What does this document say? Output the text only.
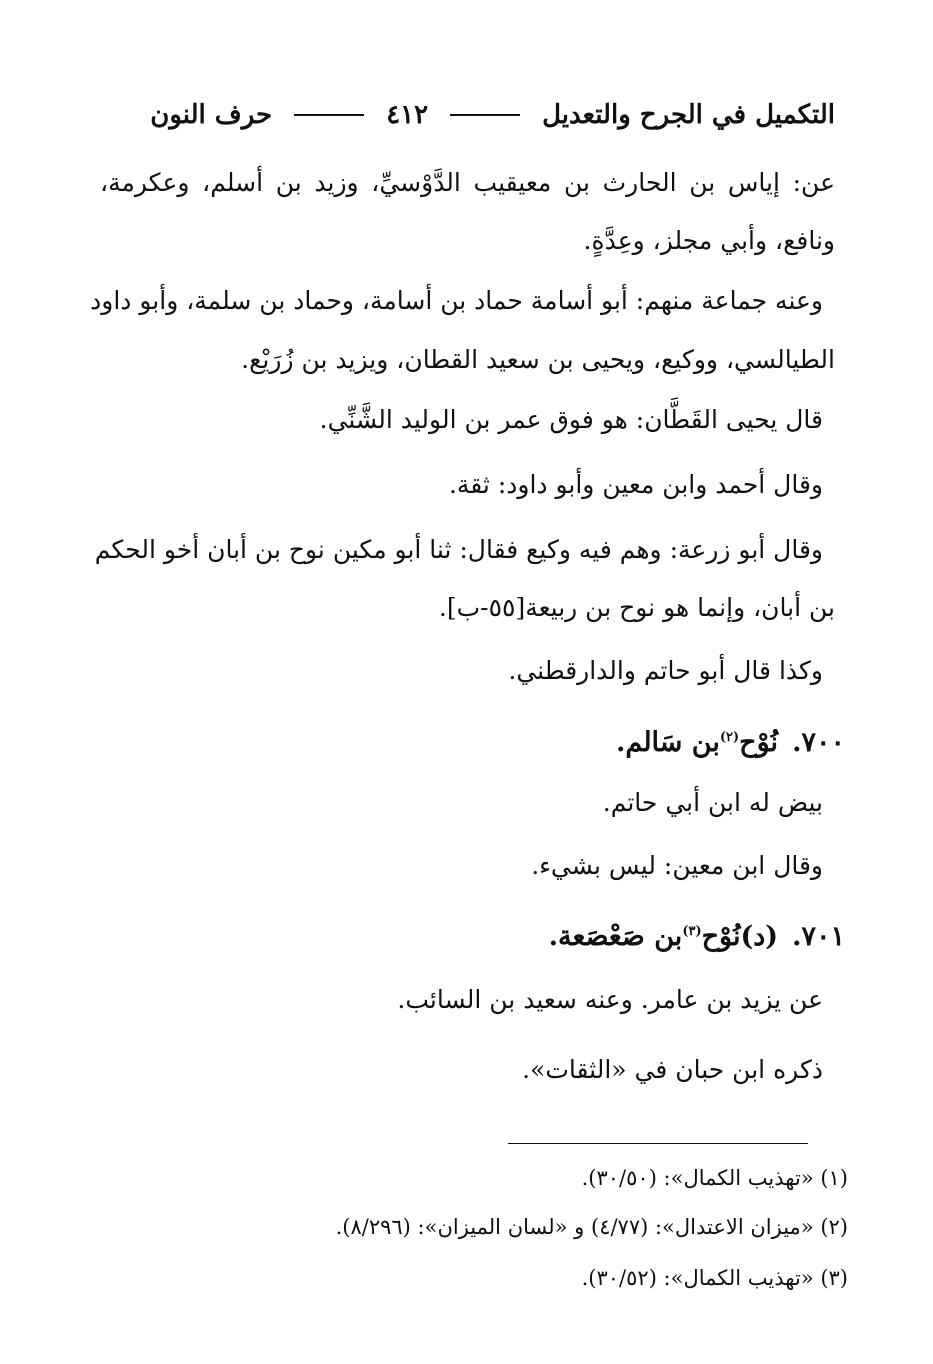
التكميل في الجرح والتعديل
٤١٢
حرف النون
عن: إياس بن الحارث بن معيقيب الدَّوْسيِّ، وزيد بن أسلم، وعكرمة،
ونافع، وأبي مجلز، وعِدَّةٍ.
وعنه جماعة منهم: أبو أسامة حماد بن أسامة، وحماد بن سلمة، وأبو داود
الطيالسي، ووكيع، ويحيى بن سعيد القطان، ويزيد بن زُرَيْع.
قال يحيى القَطَّان: هو فوق عمر بن الوليد الشَّنِّي.
وقال أحمد وابن معين وأبو داود: ثقة.
وقال أبو زرعة: وهم فيه وكيع فقال: ثنا أبو مكين نوح بن أبان أخو الحكم
بن أبان، وإنما هو نوح بن ربيعة[٥٥-ب].
وكذا قال أبو حاتم والدارقطني.
٧٠٠.نُوْح$^{(٢)}$بن سَالم.
بيض له ابن أبي حاتم.
وقال ابن معين: ليس بشيء.
٧٠١.(د)نُوْح$^{(٣)}$بن صَعْصَعة.
عن يزيد بن عامر. وعنه سعيد بن السائب.
ذكره ابن حبان في «الثقات».
(١) «تهذيب الكمال»: (٣٠/٥٠).
(٢) «ميزان الاعتدال»: (٤/٧٧) و «لسان الميزان»: (٨/٢٩٦).
(٣) «تهذيب الكمال»: (٣٠/٥٢).
